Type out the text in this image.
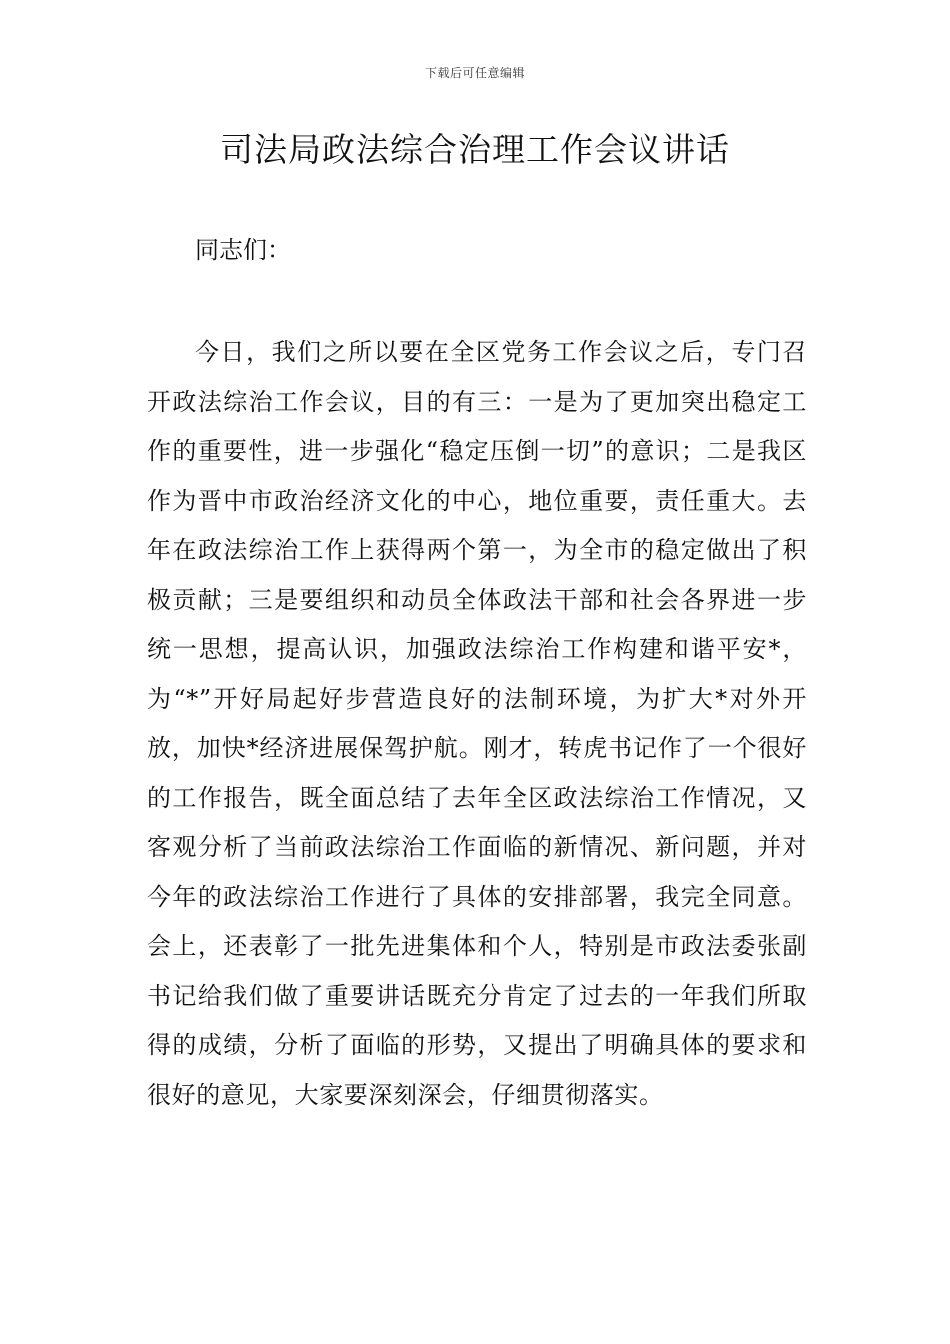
下载后可任意编辑
司法局政法综合治理工作会议讲话
同志们：

今日，我们之所以要在全区党务工作会议之后，专门召开政法综治工作会议，目的有三：一是为了更加突出稳定工作的重要性，进一步强化“稳定压倒一切”的意识；二是我区作为晋中市政治经济文化的中心，地位重要，责任重大。去年在政法综治工作上获得两个第一，为全市的稳定做出了积极贡献；三是要组织和动员全体政法干部和社会各界进一步统一思想，提高认识，加强政法综治工作构建和谐平安*，为“*”开好局起好步营造良好的法制环境，为扩大*对外开放，加快*经济进展保驾护航。刚才，转虎书记作了一个很好的工作报告，既全面总结了去年全区政法综治工作情况，又客观分析了当前政法综治工作面临的新情况、新问题，并对今年的政法综治工作进行了具体的安排部署，我完全同意。会上，还表彰了一批先进集体和个人，特别是市政法委张副书记给我们做了重要讲话既充分肯定了过去的一年我们所取得的成绩，分析了面临的形势，又提出了明确具体的要求和很好的意见，大家要深刻深会，仔细贯彻落实。
